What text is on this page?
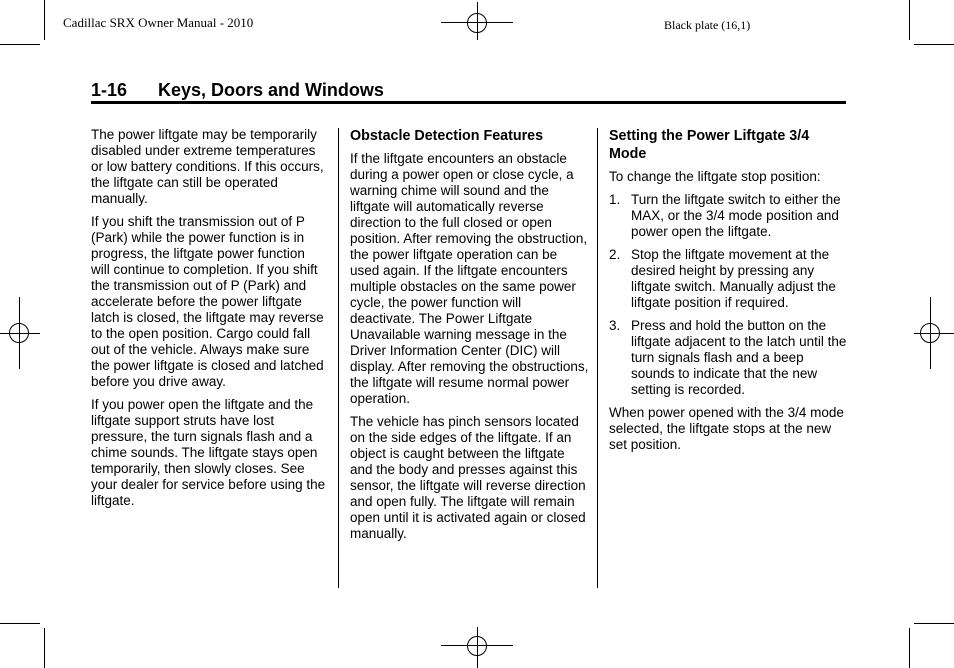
Cadillac SRX Owner Manual - 2010	Black plate (16,1)
1-16 Keys, Doors and Windows

The power liftgate may be temporarily disabled under extreme temperatures or low battery conditions. If this occurs, the liftgate can still be operated manually.

If you shift the transmission out of P (Park) while the power function is in progress, the liftgate power function will continue to completion. If you shift the transmission out of P (Park) and accelerate before the power liftgate latch is closed, the liftgate may reverse to the open position. Cargo could fall out of the vehicle. Always make sure the power liftgate is closed and latched before you drive away.

If you power open the liftgate and the liftgate support struts have lost pressure, the turn signals flash and a chime sounds. The liftgate stays open temporarily, then slowly closes. See your dealer for service before using the liftgate.

Obstacle Detection Features

If the liftgate encounters an obstacle during a power open or close cycle, a warning chime will sound and the liftgate will automatically reverse direction to the full closed or open position. After removing the obstruction, the power liftgate operation can be used again. If the liftgate encounters multiple obstacles on the same power cycle, the power function will deactivate. The Power Liftgate Unavailable warning message in the Driver Information Center (DIC) will display. After removing the obstructions, the liftgate will resume normal power operation.

The vehicle has pinch sensors located on the side edges of the liftgate. If an object is caught between the liftgate and the body and presses against this sensor, the liftgate will reverse direction and open fully. The liftgate will remain open until it is activated again or closed manually.

Setting the Power Liftgate 3/4 Mode

To change the liftgate stop position:

1. Turn the liftgate switch to either the MAX, or the 3/4 mode position and power open the liftgate.
2. Stop the liftgate movement at the desired height by pressing any liftgate switch. Manually adjust the liftgate position if required.
3. Press and hold the button on the liftgate adjacent to the latch until the turn signals flash and a beep sounds to indicate that the new setting is recorded.

When power opened with the 3/4 mode selected, the liftgate stops at the new set position.
